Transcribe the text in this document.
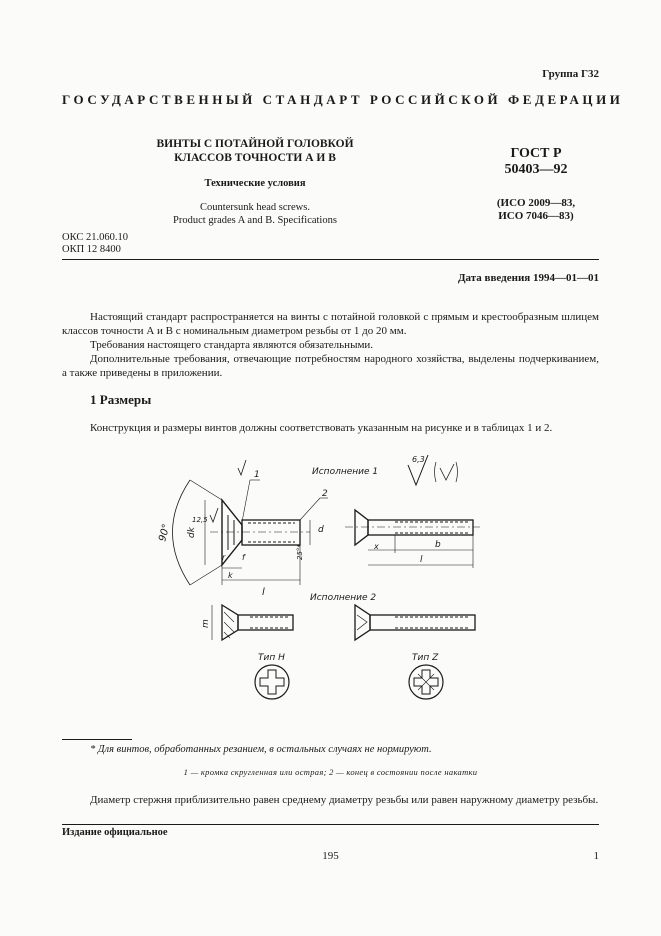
Группа Г32
ГОСУДАРСТВЕННЫЙ СТАНДАРТ РОССИЙСКОЙ ФЕДЕРАЦИИ
ВИНТЫ С ПОТАЙНОЙ ГОЛОВКОЙ
КЛАССОВ ТОЧНОСТИ А И В
Технические условия
Countersunk head screws.
Product grades A and B. Specifications
ГОСТ Р
50403—92
(ИСО 2009—83,
ИСО 7046—83)
ОКС 21.060.10
ОКП 12 8400
Дата введения 1994—01—01
Настоящий стандарт распространяется на винты с потайной головкой с прямым и крестообразным шлицем классов точности А и В с номинальным диаметром резьбы от 1 до 20 мм.
Требования настоящего стандарта являются обязательными.
Дополнительные требования, отвечающие потребностям народного хозяйства, выделены подчеркиванием, а также приведены в приложении.
1 Размеры
Конструкция и размеры винтов должны соответствовать указанным на рисунке и в таблицах 1 и 2.
90° dk
l
k
r f
d
2
1
12,5
25°*
Исполнение 1
6,3
b
l
x
Исполнение 2
m
Тип H	Тип Z
* Для винтов, обработанных резанием, в остальных случаях не нормируют.
1 — кромка скругленная или острая; 2 — конец в состоянии после накатки
Диаметр стержня приблизительно равен среднему диаметру резьбы или равен наружному диаметру резьбы.
Издание официальное
195	1
